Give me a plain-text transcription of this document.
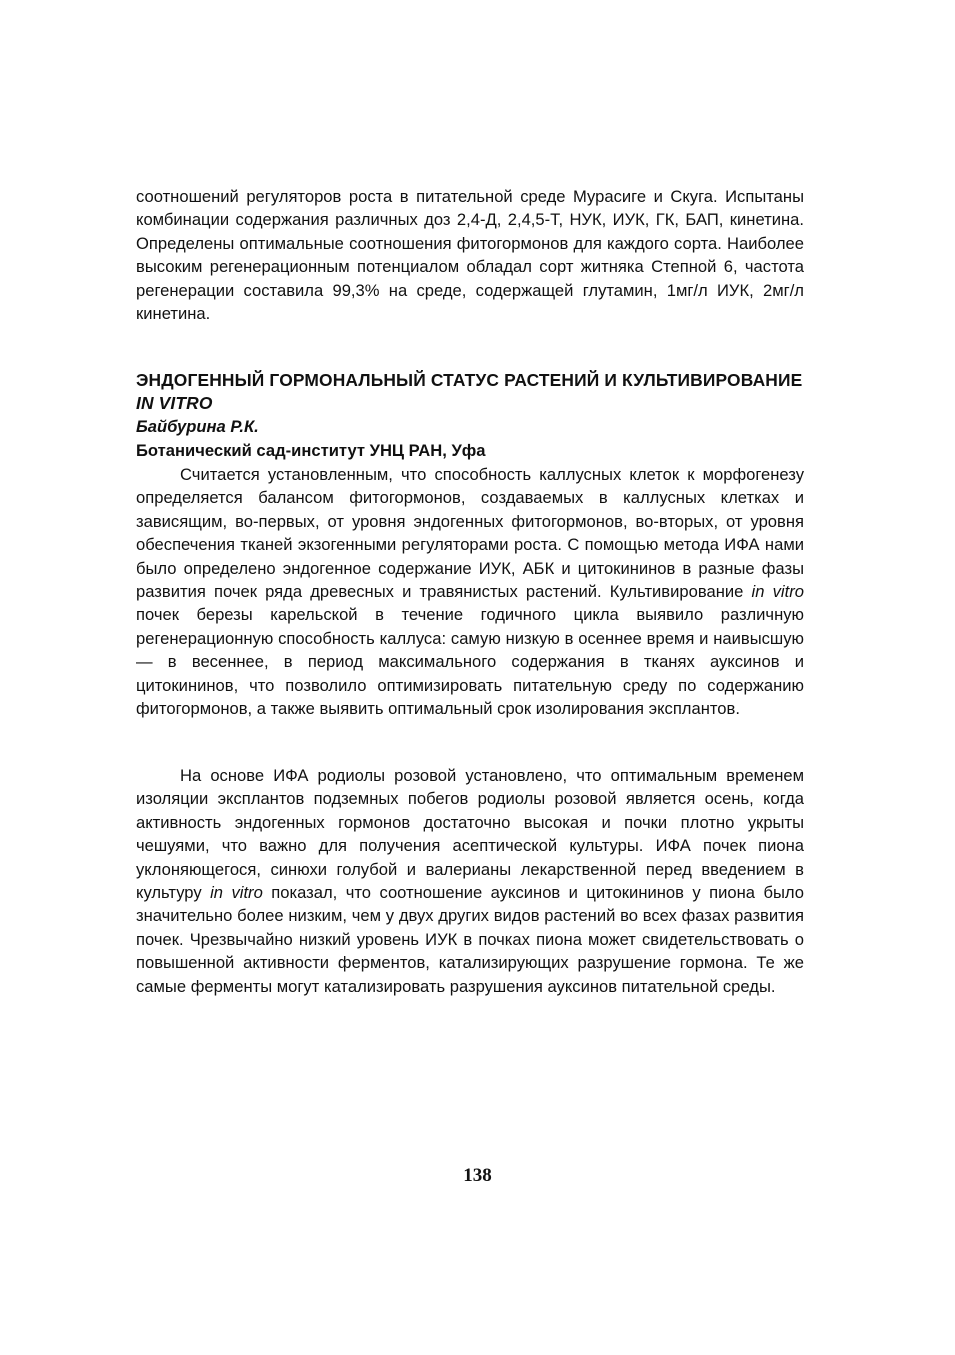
соотношений регуляторов роста в питательной среде Мурасиге и Скуга. Испытаны комбинации содержания различных доз 2,4-Д, 2,4,5-Т, НУК, ИУК, ГК, БАП, кинетина. Определены оптимальные соотношения фитогормонов для каждого сорта. Наиболее высоким регенерационным потенциалом обладал сорт житняка Степной 6, частота регенерации составила 99,3% на среде, содержащей глутамин, 1мг/л ИУК, 2мг/л кинетина.

ЭНДОГЕННЫЙ ГОРМОНАЛЬНЫЙ СТАТУС РАСТЕНИЙ И КУЛЬТИВИРОВАНИЕ IN VITRO
Байбурина Р.К.
Ботанический сад-институт УНЦ РАН, Уфа

Считается установленным, что способность каллусных клеток к морфогенезу определяется балансом фитогормонов, создаваемых в каллусных клетках и зависящим, во-первых, от уровня эндогенных фитогормонов, во-вторых, от уровня обеспечения тканей экзогенными регуляторами роста. С помощью метода ИФА нами было определено эндогенное содержание ИУК, АБК и цитокининов в разные фазы развития почек ряда древесных и травянистых растений. Культивирование in vitro почек березы карельской в течение годичного цикла выявило различную регенерационную способность каллуса: самую низкую в осеннее время и наивысшую — в весеннее, в период максимального содержания в тканях ауксинов и цитокининов, что позволило оптимизировать питательную среду по содержанию фитогормонов, а также выявить оптимальный срок изолирования эксплантов.

На основе ИФА родиолы розовой установлено, что оптимальным временем изоляции эксплантов подземных побегов родиолы розовой является осень, когда активность эндогенных гормонов достаточно высокая и почки плотно укрыты чешуями, что важно для получения асептической культуры. ИФА почек пиона уклоняющегося, синюхи голубой и валерианы лекарственной перед введением в культуру in vitro показал, что соотношение ауксинов и цитокининов у пиона было значительно более низким, чем у двух других видов растений во всех фазах развития почек. Чрезвычайно низкий уровень ИУК в почках пиона может свидетельствовать о повышенной активности ферментов, катализирующих разрушение гормона. Те же самые ферменты могут катализировать разрушения ауксинов питательной среды.

138
